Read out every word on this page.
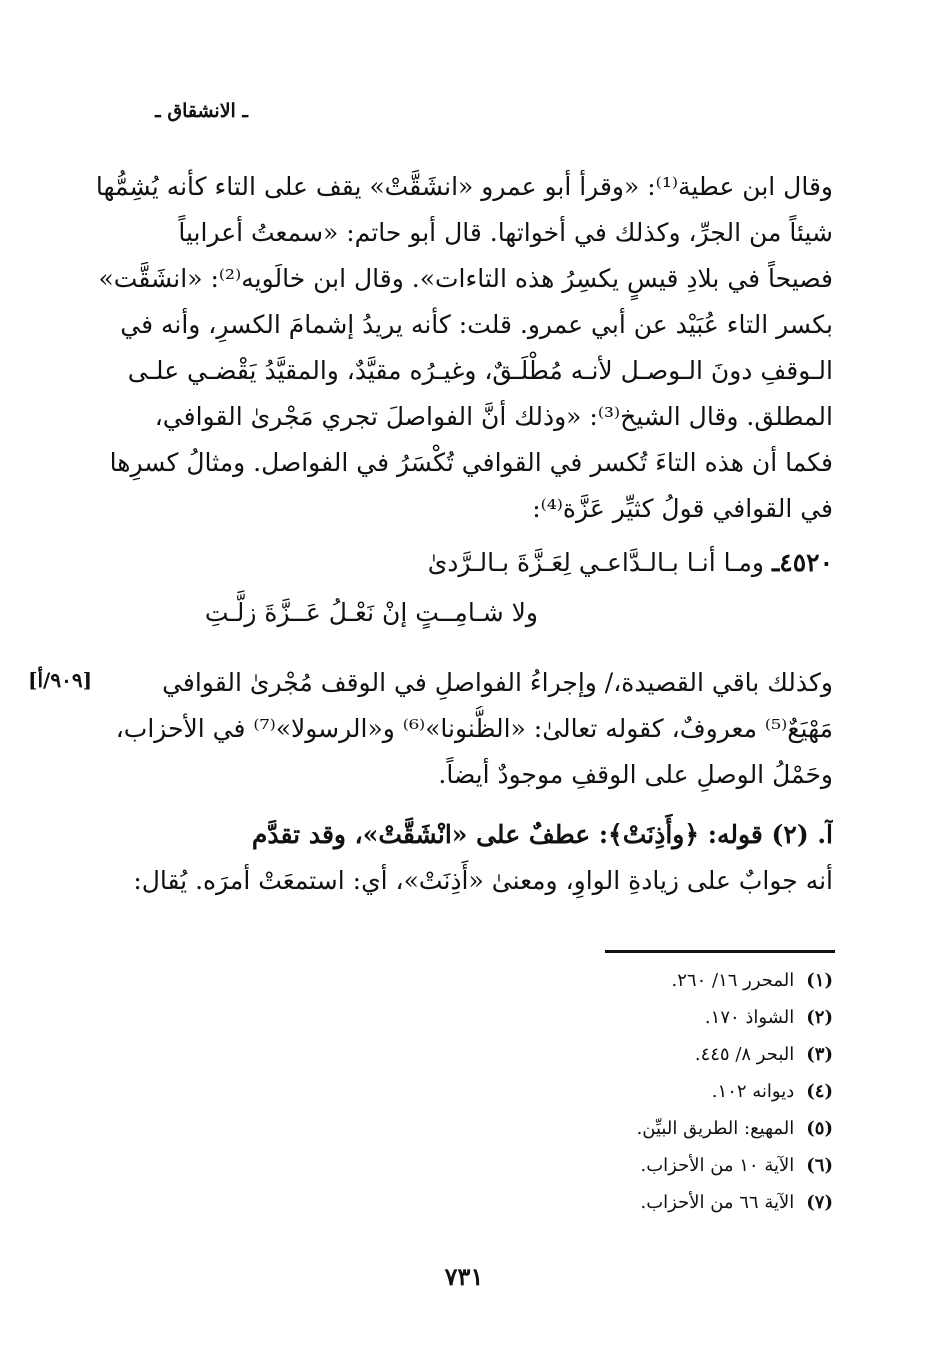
ـ الانشقاق ـ
وقال ابن عطية⁽¹⁾: «وقرأ أبو عمرو «انشَقَّتْ» يقف على التاء كأنه يُشِمُّها
شيئاً من الجرِّ، وكذلك في أخواتها. قال أبو حاتم: «سمعتُ أعرابياً
فصيحاً في بلادِ قيسٍ يكسِرُ هذه التاءات». وقال ابن خالَويه⁽²⁾: «انشَقَّت»
بكسر التاء عُبَيْد عن أبي عمرو. قلت: كأنه يريدُ إشمامَ الكسرِ، وأنه في
الـوقفِ دونَ الـوصـل لأنـه مُطْلَـقٌ، وغيـرُه مقيَّدٌ، والمقيَّدُ يَقْضـي علـى
المطلق. وقال الشيخ⁽³⁾: «وذلك أنَّ الفواصلَ تجري مَجْرىٰ القوافي،
فكما أن هذه التاءَ تُكسر في القوافي تُكْسَرُ في الفواصل. ومثالُ كسرِها
في القوافي قولُ كثيِّر عَزَّة⁽⁴⁾:
٤٥٢٠ـ ومـا أنـا بـالـدَّاعـي لِعَـزَّةَ بـالـرَّدىٰ
ولا شـامِــتٍ إنْ نَعْـلُ عَــزَّةَ زلَّـتِ
[٩٠٩/أ]	وكذلك باقي القصيدة،/ وإجراءُ الفواصلِ في الوقف مُجْرىٰ القوافي
مَهْيَعٌ⁽⁵⁾ معروفٌ، كقوله تعالىٰ: «الظُّنونا»⁽⁶⁾ و«الرسولا»⁽⁷⁾ في الأحزاب،
وحَمْلُ الوصلِ على الوقفِ موجودٌ أيضاً.
آ. (٢) قوله: ﴿وأَذِنَتْ﴾: عطفٌ على «انْشَقَّتْ»، وقد تقدَّم
أنه جوابٌ على زيادةِ الواوِ، ومعنىٰ «أَذِنَتْ»، أي: استمعَتْ أمرَه. يُقال:
(١)المحرر ١٦/ ٢٦٠.
(٢)الشواذ ١٧٠.
(٣)البحر ٨/ ٤٤٥.
(٤)ديوانه ١٠٢.
(٥)المهيع: الطريق البيِّن.
(٦)الآية ١٠ من الأحزاب.
(٧)الآية ٦٦ من الأحزاب.
٧٣١
